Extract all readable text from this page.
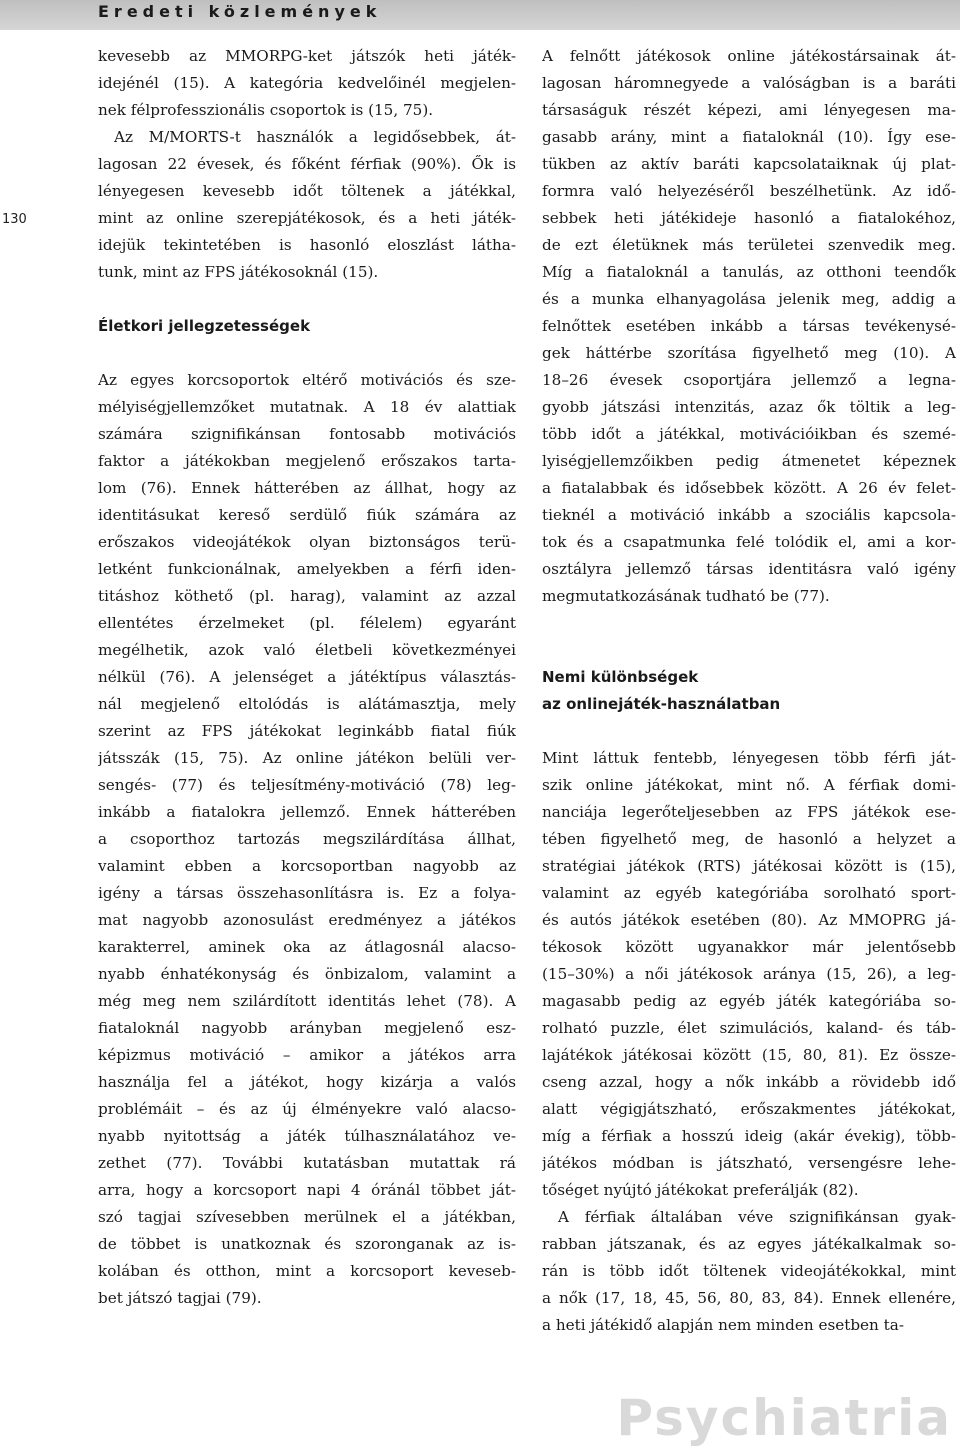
Eredeti közlemények
130
kevesebb az MMORPG-ket játszók heti játék-
idejénél (15). A kategória kedvelőinél megjelen-
nek félprofesszionális csoportok is (15, 75).
Az M/MORTS-t használók a legidősebbek, át-
lagosan 22 évesek, és főként férfiak (90%). Ők is
lényegesen kevesebb időt töltenek a játékkal,
mint az online szerepjátékosok, és a heti játék-
idejük tekintetében is hasonló eloszlást látha-
tunk, mint az FPS játékosoknál (15).
Életkori jellegzetességek
Az egyes korcsoportok eltérő motivációs és sze-
mélyiségjellemzőket mutatnak. A 18 év alattiak
számára szignifikánsan fontosabb motivációs
faktor a játékokban megjelenő erőszakos tarta-
lom (76). Ennek hátterében az állhat, hogy az
identitásukat kereső serdülő fiúk számára az
erőszakos videojátékok olyan biztonságos terü-
letként funkcionálnak, amelyekben a férfi iden-
titáshoz köthető (pl. harag), valamint az azzal
ellentétes érzelmeket (pl. félelem) egyaránt
megélhetik, azok való életbeli következményei
nélkül (76). A jelenséget a játéktípus választás-
nál megjelenő eltolódás is alátámasztja, mely
szerint az FPS játékokat leginkább fiatal fiúk
játsszák (15, 75). Az online játékon belüli ver-
sengés- (77) és teljesítmény-motiváció (78) leg-
inkább a fiatalokra jellemző. Ennek hátterében
a csoporthoz tartozás megszilárdítása állhat,
valamint ebben a korcsoportban nagyobb az
igény a társas összehasonlításra is. Ez a folya-
mat nagyobb azonosulást eredményez a játékos
karakterrel, aminek oka az átlagosnál alacso-
nyabb énhatékonyság és önbizalom, valamint a
még meg nem szilárdított identitás lehet (78). A
fiataloknál nagyobb arányban megjelenő esz-
képizmus motiváció – amikor a játékos arra
használja fel a játékot, hogy kizárja a valós
problémáit – és az új élményekre való alacso-
nyabb nyitottság a játék túlhasználatához ve-
zethet (77). További kutatásban mutattak rá
arra, hogy a korcsoport napi 4 óránál többet ját-
szó tagjai szívesebben merülnek el a játékban,
de többet is unatkoznak és szoronganak az is-
kolában és otthon, mint a korcsoport keveseb-
bet játszó tagjai (79).
A felnőtt játékosok online játékostársainak át-
lagosan háromnegyede a valóságban is a baráti
társaságuk részét képezi, ami lényegesen ma-
gasabb arány, mint a fiataloknál (10). Így ese-
tükben az aktív baráti kapcsolataiknak új plat-
formra való helyezéséről beszélhetünk. Az idő-
sebbek heti játékideje hasonló a fiatalokéhoz,
de ezt életüknek más területei szenvedik meg.
Míg a fiataloknál a tanulás, az otthoni teendők
és a munka elhanyagolása jelenik meg, addig a
felnőttek esetében inkább a társas tevékenysé-
gek háttérbe szorítása figyelhető meg (10). A
18–26 évesek csoportjára jellemző a legna-
gyobb játszási intenzitás, azaz ők töltik a leg-
több időt a játékkal, motivációikban és szemé-
lyiségjellemzőikben pedig átmenetet képeznek
a fiatalabbak és idősebbek között. A 26 év felet-
tieknél a motiváció inkább a szociális kapcsola-
tok és a csapatmunka felé tolódik el, ami a kor-
osztályra jellemző társas identitásra való igény
megmutatkozásának tudható be (77).
Nemi különbségek
az onlinejáték-használatban
Mint láttuk fentebb, lényegesen több férfi ját-
szik online játékokat, mint nő. A férfiak domi-
nanciája legerőteljesebben az FPS játékok ese-
tében figyelhető meg, de hasonló a helyzet a
stratégiai játékok (RTS) játékosai között is (15),
valamint az egyéb kategóriába sorolható sport-
és autós játékok esetében (80). Az MMOPRG já-
tékosok között ugyanakkor már jelentősebb
(15–30%) a női játékosok aránya (15, 26), a leg-
magasabb pedig az egyéb játék kategóriába so-
rolható puzzle, élet szimulációs, kaland- és táb-
lajátékok játékosai között (15, 80, 81). Ez össze-
cseng azzal, hogy a nők inkább a rövidebb idő
alatt végigjátszható, erőszakmentes játékokat,
míg a férfiak a hosszú ideig (akár évekig), több-
játékos módban is játszható, versengésre lehe-
tőséget nyújtó játékokat preferálják (82).
A férfiak általában véve szignifikánsan gyak-
rabban játszanak, és az egyes játékalkalmak so-
rán is több időt töltenek videojátékokkal, mint
a nők (17, 18, 45, 56, 80, 83, 84). Ennek ellenére,
a heti játékidő alapján nem minden esetben ta-
Psychiatria
